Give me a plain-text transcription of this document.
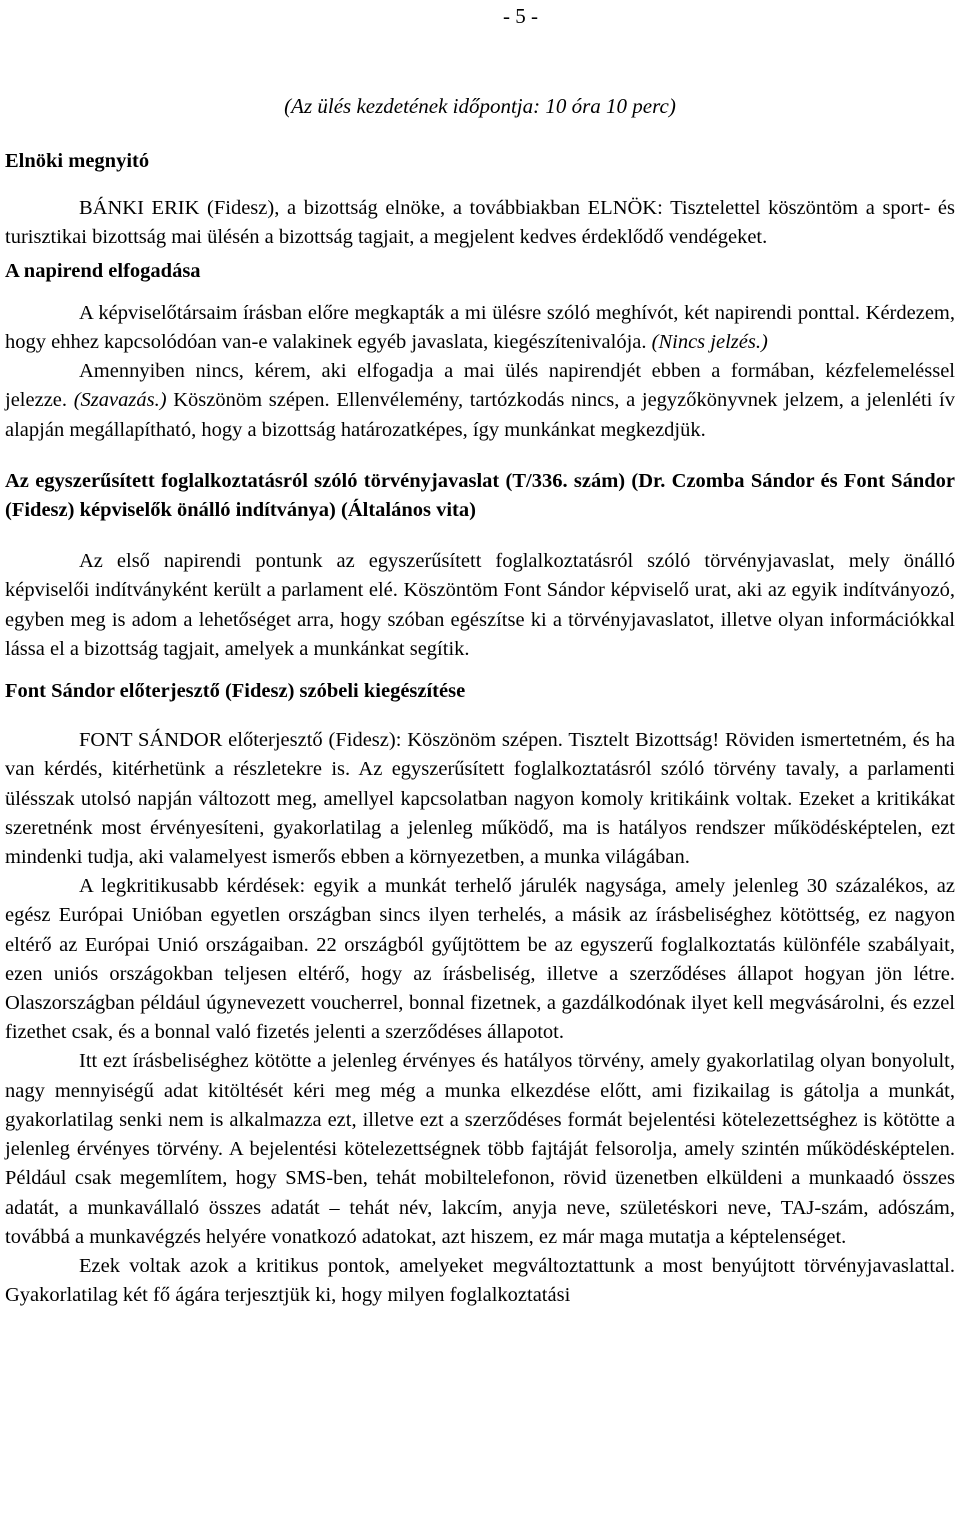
- 5 -
(Az ülés kezdetének időpontja: 10 óra 10 perc)
Elnöki megnyitó

BÁNKI ERIK (Fidesz), a bizottság elnöke, a továbbiakban ELNÖK: Tisztelettel köszöntöm a sport- és turisztikai bizottság mai ülésén a bizottság tagjait, a megjelent kedves érdeklődő vendégeket.

A napirend elfogadása

A képviselőtársaim írásban előre megkapták a mi ülésre szóló meghívót, két napirendi ponttal. Kérdezem, hogy ehhez kapcsolódóan van-e valakinek egyéb javaslata, kiegészítenivalója. (Nincs jelzés.)

Amennyiben nincs, kérem, aki elfogadja a mai ülés napirendjét ebben a formában, kézfelemeléssel jelezze. (Szavazás.) Köszönöm szépen. Ellenvélemény, tartózkodás nincs, a jegyzőkönyvnek jelzem, a jelenléti ív alapján megállapítható, hogy a bizottság határozatképes, így munkánkat megkezdjük.

Az egyszerűsített foglalkoztatásról szóló törvényjavaslat (T/336. szám) (Dr. Czomba Sándor és Font Sándor (Fidesz) képviselők önálló indítványa) (Általános vita)

Az első napirendi pontunk az egyszerűsített foglalkoztatásról szóló törvényjavaslat, mely önálló képviselői indítványként került a parlament elé. Köszöntöm Font Sándor képviselő urat, aki az egyik indítványozó, egyben meg is adom a lehetőséget arra, hogy szóban egészítse ki a törvényjavaslatot, illetve olyan információkkal lássa el a bizottság tagjait, amelyek a munkánkat segítik.

Font Sándor előterjesztő (Fidesz) szóbeli kiegészítése

FONT SÁNDOR előterjesztő (Fidesz): Köszönöm szépen. Tisztelt Bizottság! Röviden ismertetném, és ha van kérdés, kitérhetünk a részletekre is. Az egyszerűsített foglalkoztatásról szóló törvény tavaly, a parlamenti ülésszak utolsó napján változott meg, amellyel kapcsolatban nagyon komoly kritikáink voltak. Ezeket a kritikákat szeretnénk most érvényesíteni, gyakorlatilag a jelenleg működő, ma is hatályos rendszer működésképtelen, ezt mindenki tudja, aki valamelyest ismerős ebben a környezetben, a munka világában.

A legkritikusabb kérdések: egyik a munkát terhelő járulék nagysága, amely jelenleg 30 százalékos, az egész Európai Unióban egyetlen országban sincs ilyen terhelés, a másik az írásbeliséghez kötöttség, ez nagyon eltérő az Európai Unió országaiban. 22 országból gyűjtöttem be az egyszerű foglalkoztatás különféle szabályait, ezen uniós országokban teljesen eltérő, hogy az írásbeliség, illetve a szerződéses állapot hogyan jön létre. Olaszországban például úgynevezett voucherrel, bonnal fizetnek, a gazdálkodónak ilyet kell megvásárolni, és ezzel fizethet csak, és a bonnal való fizetés jelenti a szerződéses állapotot.

Itt ezt írásbeliséghez kötötte a jelenleg érvényes és hatályos törvény, amely gyakorlatilag olyan bonyolult, nagy mennyiségű adat kitöltését kéri meg még a munka elkezdése előtt, ami fizikailag is gátolja a munkát, gyakorlatilag senki nem is alkalmazza ezt, illetve ezt a szerződéses formát bejelentési kötelezettséghez is kötötte a jelenleg érvényes törvény. A bejelentési kötelezettségnek több fajtáját felsorolja, amely szintén működésképtelen. Például csak megemlítem, hogy SMS-ben, tehát mobiltelefonon, rövid üzenetben elküldeni a munkaadó összes adatát, a munkavállaló összes adatát – tehát név, lakcím, anyja neve, születéskori neve, TAJ-szám, adószám, továbbá a munkavégzés helyére vonatkozó adatokat, azt hiszem, ez már maga mutatja a képtelenséget.

Ezek voltak azok a kritikus pontok, amelyeket megváltoztattunk a most benyújtott törvényjavaslattal. Gyakorlatilag két fő ágára terjesztjük ki, hogy milyen foglalkoztatási
